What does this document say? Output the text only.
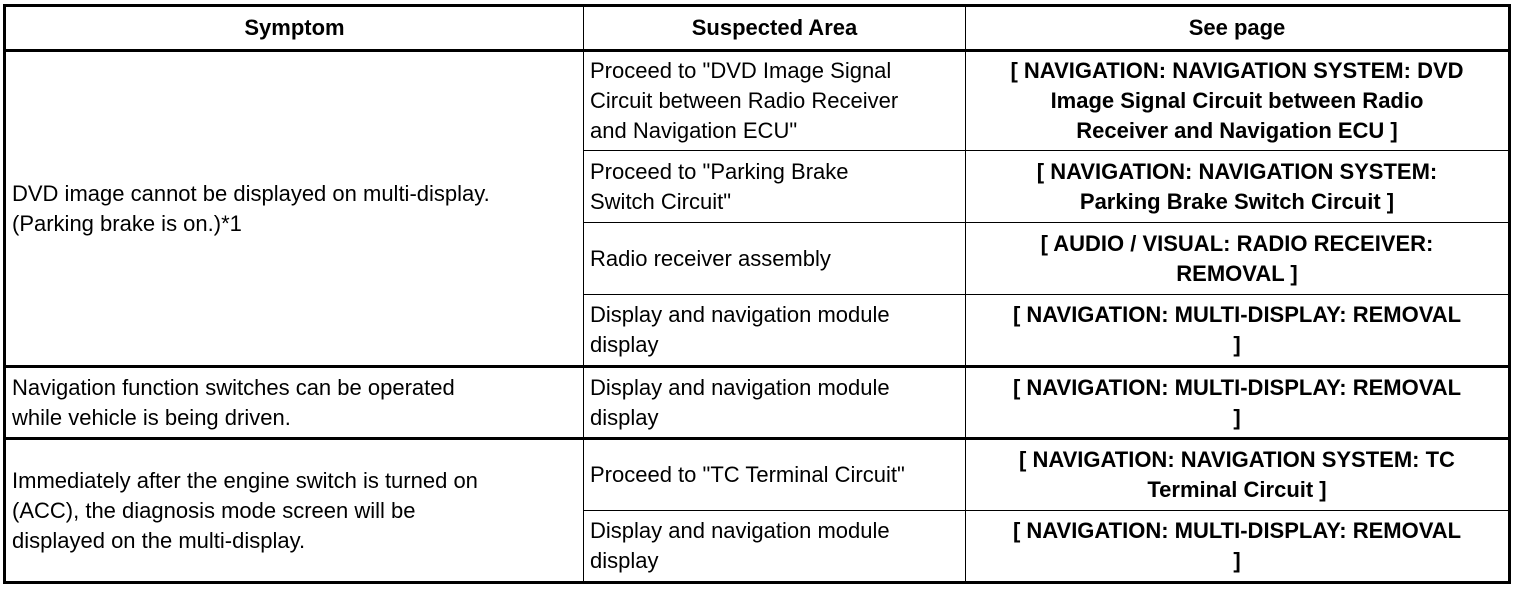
Symptom	Suspected Area	See page
DVD image cannot be displayed on multi-display.
(Parking brake is on.)*1	Proceed to "DVD Image Signal
Circuit between Radio Receiver
and Navigation ECU"	[ NAVIGATION: NAVIGATION SYSTEM: DVD
Image Signal Circuit between Radio
Receiver and Navigation ECU ]
	Proceed to "Parking Brake
Switch Circuit"	[ NAVIGATION: NAVIGATION SYSTEM:
Parking Brake Switch Circuit ]
	Radio receiver assembly	[ AUDIO / VISUAL: RADIO RECEIVER:
REMOVAL ]
	Display and navigation module
display	[ NAVIGATION: MULTI-DISPLAY: REMOVAL
]
Navigation function switches can be operated
while vehicle is being driven.	Display and navigation module
display	[ NAVIGATION: MULTI-DISPLAY: REMOVAL
]
Immediately after the engine switch is turned on
(ACC), the diagnosis mode screen will be
displayed on the multi-display.	Proceed to "TC Terminal Circuit"	[ NAVIGATION: NAVIGATION SYSTEM: TC
Terminal Circuit ]
	Display and navigation module
display	[ NAVIGATION: MULTI-DISPLAY: REMOVAL
]
